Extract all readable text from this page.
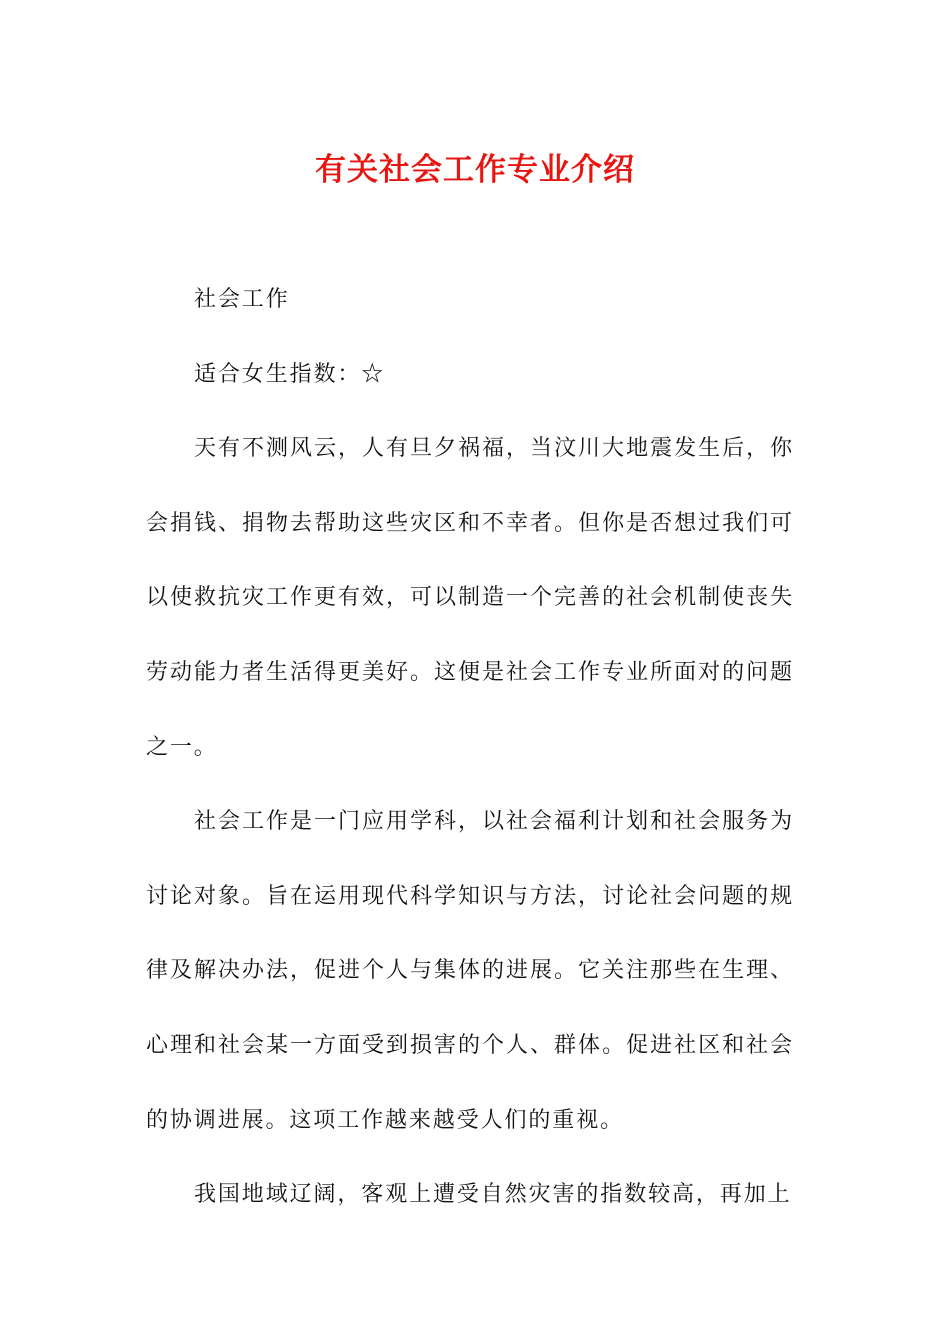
有关社会工作专业介绍

社会工作

适合女生指数：☆

天有不测风云，人有旦夕祸福，当汶川大地震发生后，你会捐钱、捐物去帮助这些灾区和不幸者。但你是否想过我们可以使救抗灾工作更有效，可以制造一个完善的社会机制使丧失劳动能力者生活得更美好。这便是社会工作专业所面对的问题之一。

社会工作是一门应用学科，以社会福利计划和社会服务为讨论对象。旨在运用现代科学知识与方法，讨论社会问题的规律及解决办法，促进个人与集体的进展。它关注那些在生理、心理和社会某一方面受到损害的个人、群体。促进社区和社会的协调进展。这项工作越来越受人们的重视。

我国地域辽阔，客观上遭受自然灾害的指数较高，再加上
